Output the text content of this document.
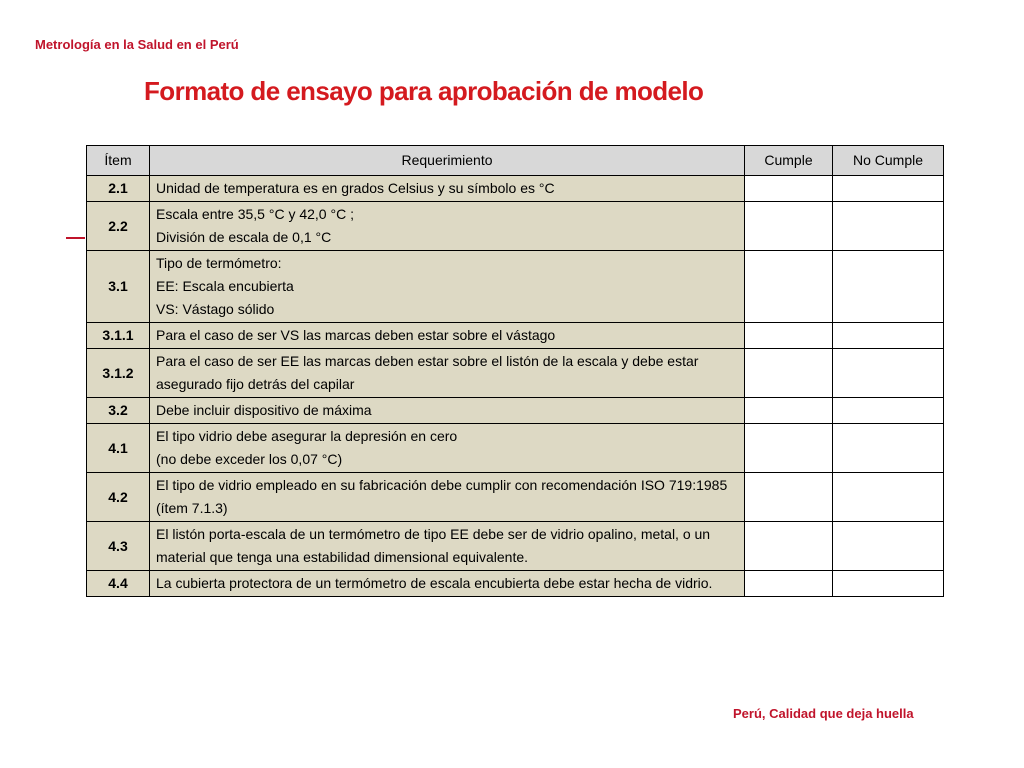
Metrología en la Salud en el Perú
Formato de ensayo para aprobación de modelo
Ítem	Requerimiento	Cumple	No Cumple
2.1	Unidad de temperatura es en grados Celsius y su símbolo es °C		
2.2	Escala entre 35,5 °C y 42,0 °C ;
División de escala de 0,1 °C		
3.1	Tipo de termómetro:
EE: Escala encubierta
VS: Vástago sólido		
3.1.1	Para el caso de ser VS las marcas deben estar sobre el vástago		
3.1.2	Para el caso de ser EE las marcas deben estar sobre el listón de la escala y debe estar asegurado fijo detrás del capilar		
3.2	Debe incluir dispositivo de máxima		
4.1	El tipo vidrio debe asegurar la depresión en cero
(no debe exceder los 0,07 °C)		
4.2	El tipo de vidrio empleado en su fabricación debe cumplir con recomendación ISO 719:1985 (ítem 7.1.3)		
4.3	El listón porta-escala de un termómetro de tipo EE debe ser de vidrio opalino, metal, o un material que tenga una estabilidad dimensional equivalente.		
4.4	La cubierta protectora de un termómetro de escala encubierta debe estar hecha de vidrio.		
Perú, Calidad que deja huella
